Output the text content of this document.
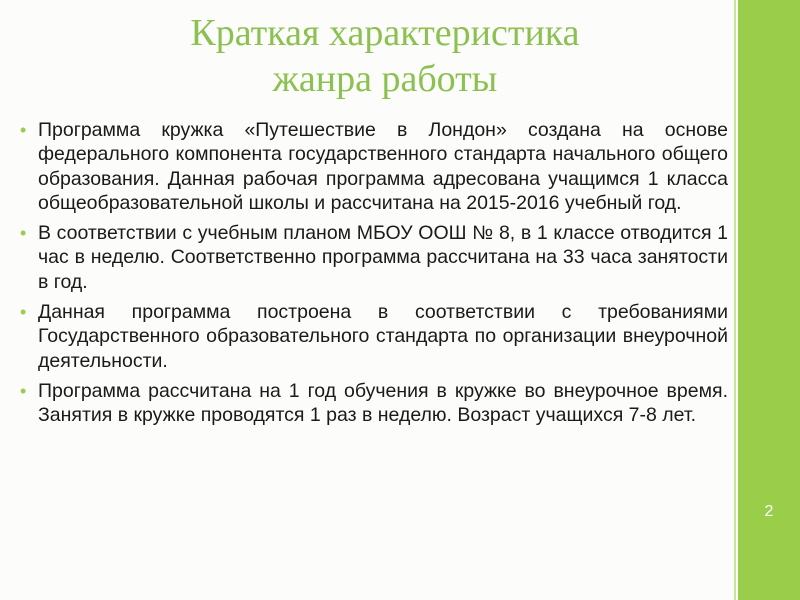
Краткая характеристика
жанра работы
• Программа кружка «Путешествие в Лондон» создана на основе федерального компонента государственного стандарта начального общего образования. Данная рабочая программа адресована учащимся 1 класса общеобразовательной школы и рассчитана на 2015-2016 учебный год.
• В соответствии с учебным планом МБОУ ООШ № 8, в 1 классе отводится 1 час в неделю. Соответственно программа рассчитана на 33 часа занятости в год.
• Данная программа построена в соответствии с требованиями Государственного образовательного стандарта по организации внеурочной деятельности.
• Программа рассчитана на 1 год обучения в кружке во внеурочное время. Занятия в кружке проводятся 1 раз в неделю. Возраст учащихся 7-8 лет.
2
